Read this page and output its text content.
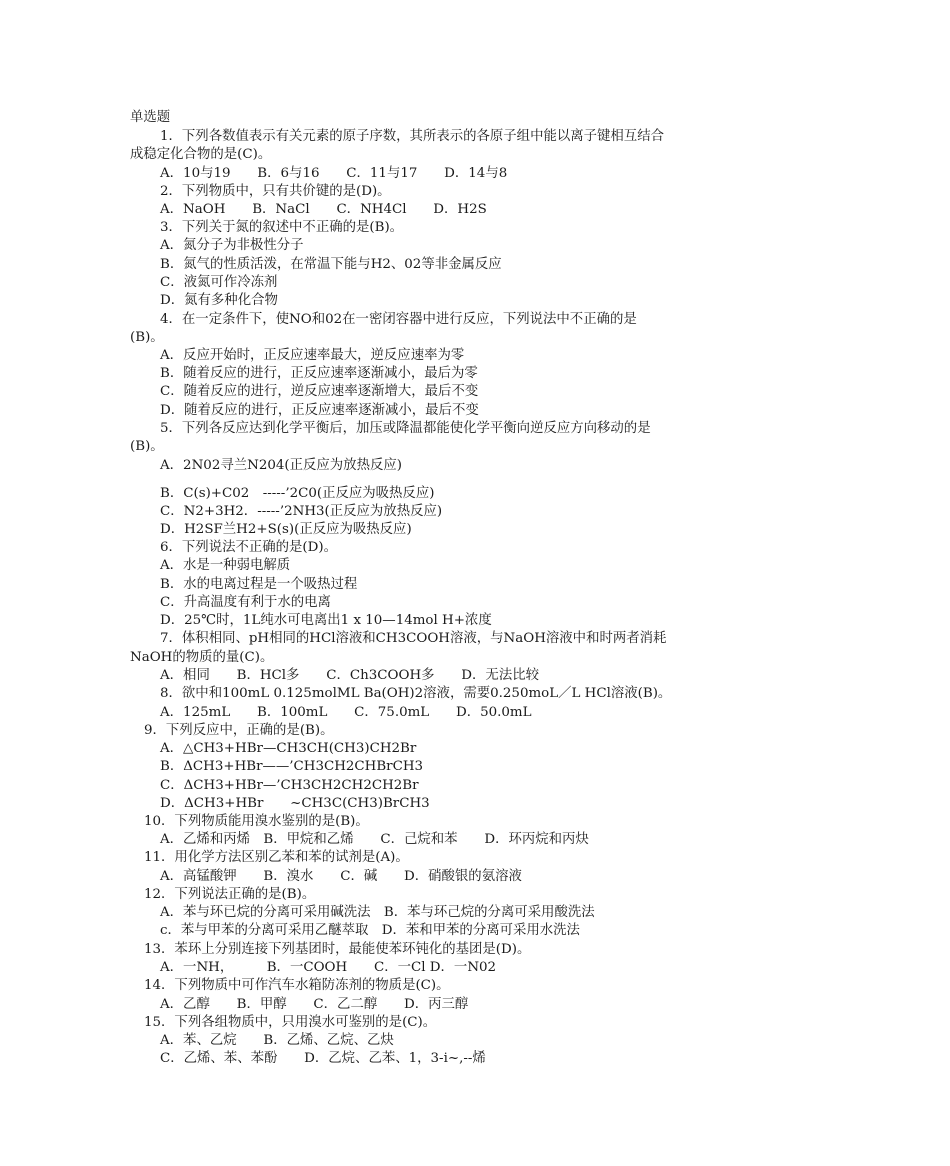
单选题
1．下列各数值表示有关元素的原子序数，其所表示的各原子组中能以离子键相互结合
成稳定化合物的是(C)。
A．10与19　　B．6与16　　C．11与17　　D．14与8
2．下列物质中，只有共价键的是(D)。
A．NaOH　　B．NaCl　　C．NH4Cl　　D．H2S
3．下列关于氮的叙述中不正确的是(B)。
A．氮分子为非极性分子
B．氮气的性质活泼，在常温下能与H2、02等非金属反应
C．液氮可作冷冻剂
D．氮有多种化合物
4．在一定条件下，使NO和02在一密闭容器中进行反应，下列说法中不正确的是
(B)。
A．反应开始时，正反应速率最大，逆反应速率为零
B．随着反应的进行，正反应速率逐渐减小，最后为零
C．随着反应的进行，逆反应速率逐渐增大，最后不变
D．随着反应的进行，正反应速率逐渐减小，最后不变
5．下列各反应达到化学平衡后，加压或降温都能使化学平衡向逆反应方向移动的是
(B)。
A．2N02寻兰N204(正反应为放热反应)
B．C(s)+C02　-----’2C0(正反应为吸热反应)
C．N2+3H2．-----’2NH3(正反应为放热反应)
D．H2SF兰H2+S(s)(正反应为吸热反应)
6．下列说法不正确的是(D)。
A．水是一种弱电解质
B．水的电离过程是一个吸热过程
C．升高温度有利于水的电离
D．25℃时，1L纯水可电离出1 x 10—14mol H+浓度
7．体积相同、pH相同的HCl溶液和CH3COOH溶液，与NaOH溶液中和时两者消耗
NaOH的物质的量(C)。
A．相同　　B．HCl多　　C．Ch3COOH多　　D．无法比较
8．欲中和100mL 0.125molML Ba(OH)2溶液，需要0.250moL／L HCl溶液(B)。
A．125mL　　B．100mL　　C．75.0mL　　D．50.0mL
9．下列反应中，正确的是(B)。
A．△CH3+HBr—CH3CH(CH3)CH2Br
B．ΔCH3+HBr——’CH3CH2CHBrCH3
C．ΔCH3+HBr—’CH3CH2CH2CH2Br
D．ΔCH3+HBr　　~CH3C(CH3)BrCH3
10．下列物质能用溴水鉴别的是(B)。
A．乙烯和丙烯　B．甲烷和乙烯　　C．己烷和苯　　D．环丙烷和丙炔
11．用化学方法区别乙苯和苯的试剂是(A)。
A．高锰酸钾　　B．溴水　　C．碱　　D．硝酸银的氨溶液
12．下列说法正确的是(B)。
A．苯与环已烷的分离可采用碱洗法　B．苯与环己烷的分离可采用酸洗法
c．苯与甲苯的分离可采用乙醚萃取　D．苯和甲苯的分离可采用水洗法
13．苯环上分别连接下列基团时，最能使苯环钝化的基团是(D)。
A．一NH，　　　B．一COOH　　C．一Cl D．一N02
14．下列物质中可作汽车水箱防冻剂的物质是(C)。
A．乙醇　　B．甲醇　　C．乙二醇　　D．丙三醇
15．下列各组物质中，只用溴水可鉴别的是(C)。
A．苯、乙烷　　B．乙烯、乙烷、乙炔
C．乙烯、苯、苯酚　　D．乙烷、乙苯、1，3-i~,--烯
